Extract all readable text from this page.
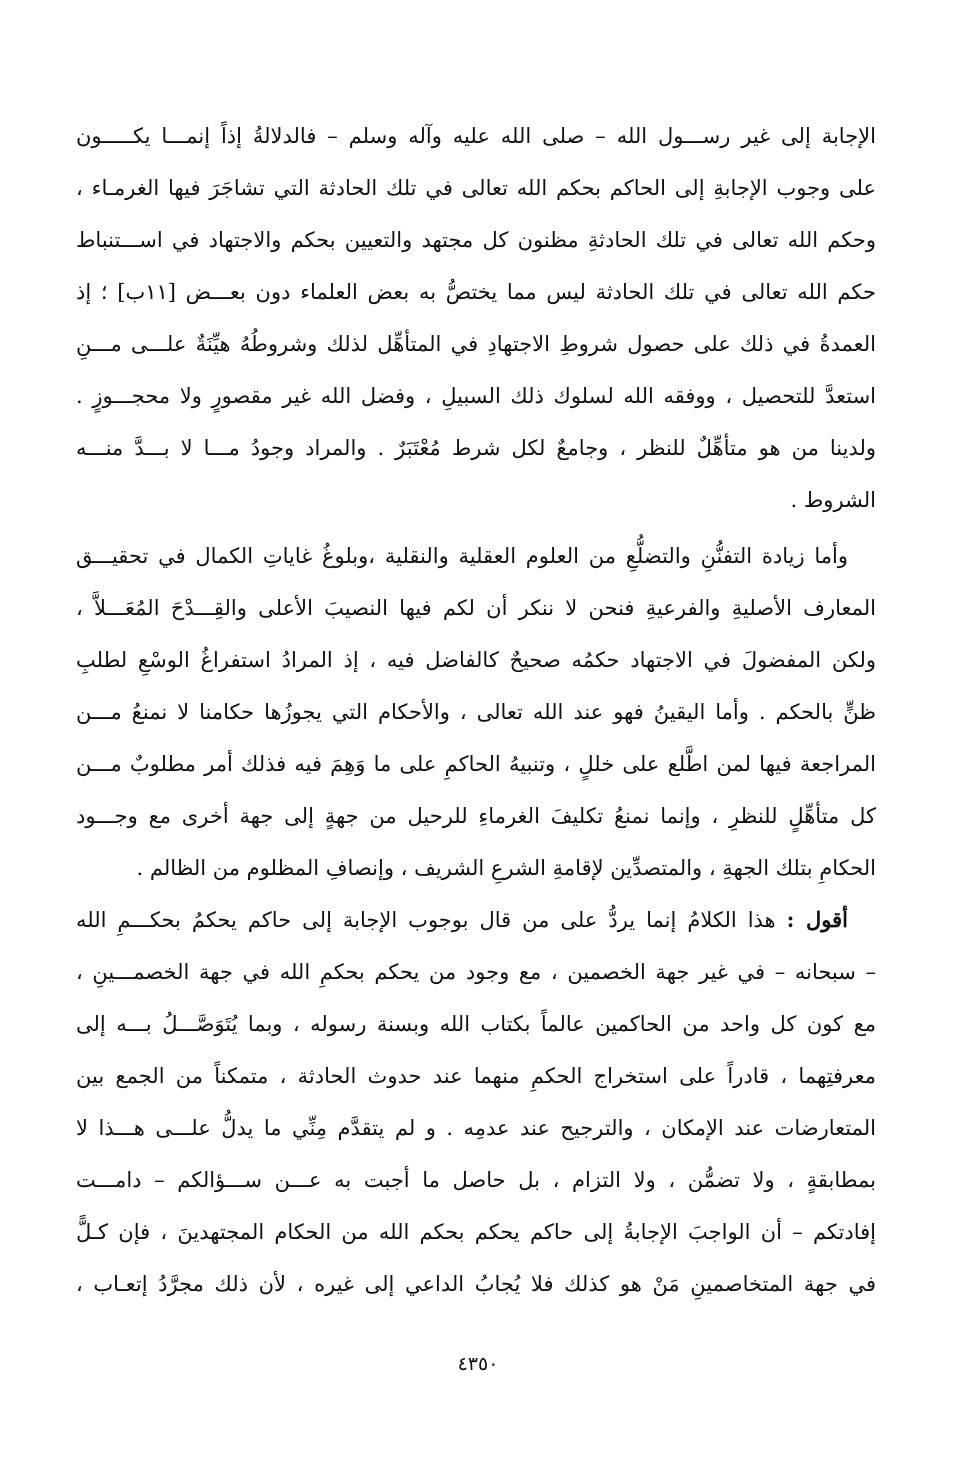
الإجابة إلى غير رســـول الله – صلى الله عليه وآله وسلم – فالدلالةُ إذاً إنمـــا يكـــــون
على وجوب الإجابةِ إلى الحاكم بحكم الله تعالى في تلك الحادثة التي تشاجَرَ فيها الغرمـاء ،
وحكم الله تعالى في تلك الحادثةِ مظنون كل مجتهد والتعيين بحكم والاجتهاد في اســـتنباط
حكم الله تعالى في تلك الحادثة ليس مما يختصُّ به بعض العلماء دون بعـــض [١١ب] ؛ إذ
العمدةُ في ذلك على حصول شروطِ الاجتهادِ في المتأهِّل لذلك وشروطُهُ هيِّنَةٌ علـــى مـــنِ
استعدَّ للتحصيل ، ووفقه الله لسلوك ذلك السبيلِ ، وفضل الله غير مقصورٍ ولا محجـــوزٍ .
ولدينا من هو متأهِّلٌ للنظر ، وجامعٌ لكل شرط مُعْتَبَرٌ . والمراد وجودُ مـــا لا بـــدَّ منـــه
الشروط .
وأما زيادة التفنُّنِ والتضلُّعِ من العلوم العقلية والنقلية ،وبلوغُ غاياتِ الكمال في تحقيـــق
المعارف الأصليةِ والفرعيةِ فنحن لا ننكر أن لكم فيها النصيبَ الأعلى والقِـــدْحَ المُعَـــلاَّ ،
ولكن المفضولَ في الاجتهاد حكمُه صحيحٌ كالفاضل فيه ، إذ المرادُ استفراغُ الوسْعِ لطلبِ
ظنٍّ بالحكم . وأما اليقينُ فهو عند الله تعالى ، والأحكام التي يجوزُها حكامنا لا نمنعُ مـــن
المراجعة فيها لمن اطَّلع على خللٍ ، وتنبيهُ الحاكمِ على ما وَهِمَ فيه فذلك أمر مطلوبٌ مـــن
كل متأهِّلٍ للنظرِ ، وإنما نمنعُ تكليفَ الغرماءِ للرحيل من جهةٍ إلى جهة أخرى مع وجـــود
الحكامِ بتلك الجهةِ ، والمتصدِّين لإقامةِ الشرعِ الشريف ، وإنصافِ المظلوم من الظالم .
أقول : هذا الكلامُ إنما يردُّ على من قال بوجوب الإجابة إلى حاكم يحكمُ بحكـــمِ الله
– سبحانه – في غير جهة الخصمين ، مع وجود من يحكم بحكمِ الله في جهة الخصمـــينِ ،
مع كون كل واحد من الحاكمين عالماً بكتاب الله وبسنة رسوله ، وبما يُتَوَصَّـــلُ بـــه إلى
معرفتِهما ، قادراً على استخراج الحكمِ منهما عند حدوث الحادثة ، متمكناً من الجمع بين
المتعارضات عند الإمكان ، والترجيح عند عدمِه . و لم يتقدَّم مِنِّي ما يدلُّ علـــى هـــذا لا
بمطابقةٍ ، ولا تضمُّن ، ولا التزام ، بل حاصل ما أجبت به عـــن ســـؤالكم – دامـــت
إفادتكم – أن الواجبَ الإجابةُ إلى حاكم يحكم بحكم الله من الحكام المجتهدينَ ، فإن كـلًّ
في جهة المتخاصمينِ مَنْ هو كذلك فلا يُجابُ الداعي إلى غيره ، لأن ذلك مجرَّدُ إتعـاب ،
٤٣٥٠
